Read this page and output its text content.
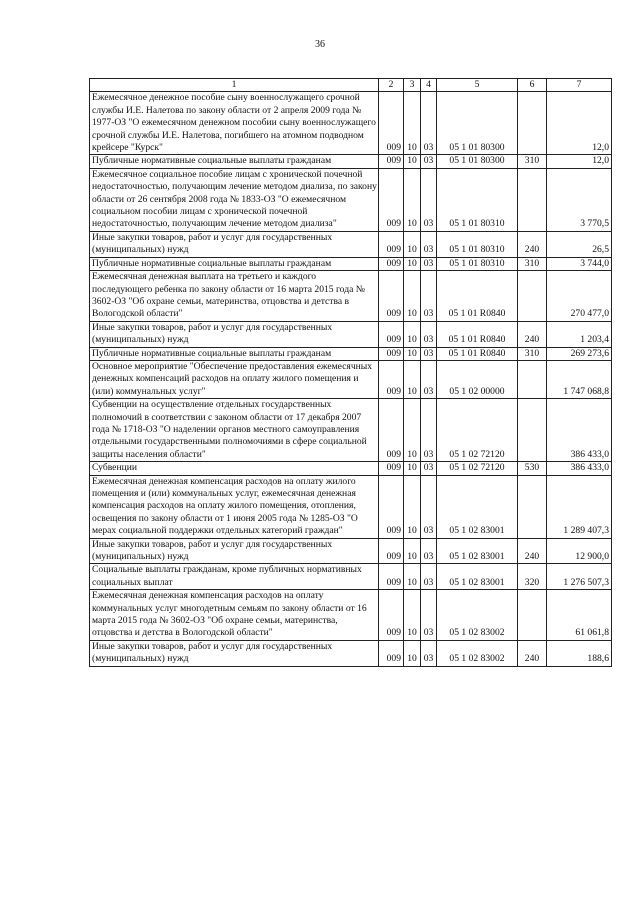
36
1	2	3	4	5	6	7
Ежемесячное денежное пособие сыну военнослужащего срочной службы И.Е. Налетова по закону области от 2 апреля 2009 года № 1977-ОЗ "О ежемесячном денежном пособии сыну военнослужащего срочной службы И.Е. Налетова, погибшего на атомном подводном крейсере "Курск"	009	10	03	05 1 01 80300		12,0
Публичные нормативные социальные выплаты гражданам	009	10	03	05 1 01 80300	310	12,0
Ежемесячное социальное пособие лицам с хронической почечной недостаточностью, получающим лечение методом диализа, по закону области от 26 сентября 2008 года № 1833-ОЗ "О ежемесячном социальном пособии лицам с хронической почечной недостаточностью, получающим лечение методом диализа"	009	10	03	05 1 01 80310		3 770,5
Иные закупки товаров, работ и услуг для государственных (муниципальных) нужд	009	10	03	05 1 01 80310	240	26,5
Публичные нормативные социальные выплаты гражданам	009	10	03	05 1 01 80310	310	3 744,0
Ежемесячная денежная выплата на третьего и каждого последующего ребенка по закону области от 16 марта 2015 года № 3602-ОЗ "Об охране семьи, материнства, отцовства и детства в Вологодской области"	009	10	03	05 1 01 R0840		270 477,0
Иные закупки товаров, работ и услуг для государственных (муниципальных) нужд	009	10	03	05 1 01 R0840	240	1 203,4
Публичные нормативные социальные выплаты гражданам	009	10	03	05 1 01 R0840	310	269 273,6
Основное мероприятие "Обеспечение предоставления ежемесячных денежных компенсаций расходов на оплату жилого помещения и (или) коммунальных услуг"	009	10	03	05 1 02 00000		1 747 068,8
Субвенции на осуществление отдельных государственных полномочий в соответствии с законом области от 17 декабря 2007 года № 1718-ОЗ "О наделении органов местного самоуправления отдельными государственными полномочиями в сфере социальной защиты населения области"	009	10	03	05 1 02 72120		386 433,0
Субвенции	009	10	03	05 1 02 72120	530	386 433,0
Ежемесячная денежная компенсация расходов на оплату жилого помещения и (или) коммунальных услуг, ежемесячная денежная компенсация расходов на оплату жилого помещения, отопления, освещения по закону области от 1 июня 2005 года № 1285-ОЗ "О мерах социальной поддержки отдельных категорий граждан"	009	10	03	05 1 02 83001		1 289 407,3
Иные закупки товаров, работ и услуг для государственных (муниципальных) нужд	009	10	03	05 1 02 83001	240	12 900,0
Социальные выплаты гражданам, кроме публичных нормативных социальных выплат	009	10	03	05 1 02 83001	320	1 276 507,3
Ежемесячная денежная компенсация расходов на оплату коммунальных услуг многодетным семьям по закону области от 16 марта 2015 года № 3602-ОЗ "Об охране семьи, материнства, отцовства и детства в Вологодской области"	009	10	03	05 1 02 83002		61 061,8
Иные закупки товаров, работ и услуг для государственных (муниципальных) нужд	009	10	03	05 1 02 83002	240	188,6
